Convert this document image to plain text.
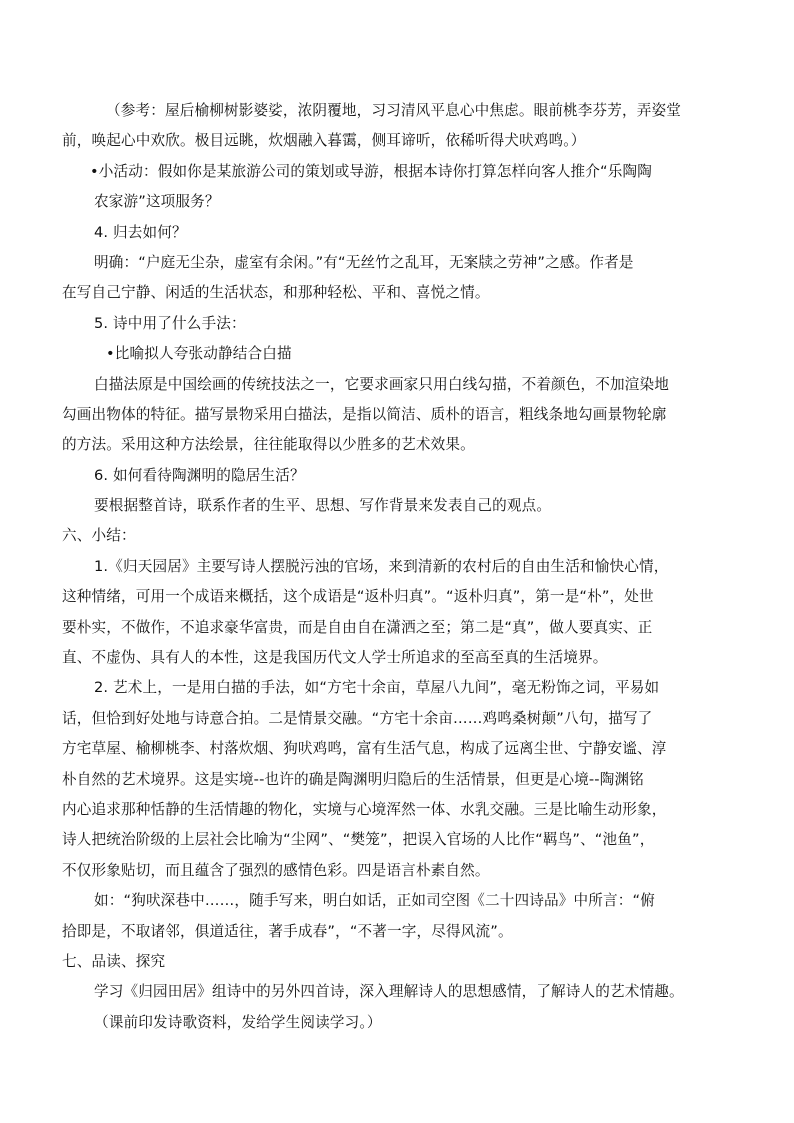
（参考：屋后榆柳树影婆娑，浓阴覆地，习习清风平息心中焦虑。眼前桃李芬芳，弄姿堂
前，唤起心中欢欣。极目远眺，炊烟融入暮霭，侧耳谛听，依稀听得犬吠鸡鸣。）
•小活动：假如你是某旅游公司的策划或导游，根据本诗你打算怎样向客人推介“乐陶陶
农家游”这项服务？
4. 归去如何？
明确：“户庭无尘杂，虚室有余闲。”有“无丝竹之乱耳，无案牍之劳神”之感。作者是
在写自己宁静、闲适的生活状态，和那种轻松、平和、喜悦之情。
5. 诗中用了什么手法：
•比喻拟人夸张动静结合白描
白描法原是中国绘画的传统技法之一，它要求画家只用白线勾描，不着颜色，不加渲染地
勾画出物体的特征。描写景物采用白描法，是指以简洁、质朴的语言，粗线条地勾画景物轮廓
的方法。采用这种方法绘景，往往能取得以少胜多的艺术效果。
6. 如何看待陶渊明的隐居生活？
要根据整首诗，联系作者的生平、思想、写作背景来发表自己的观点。
六、小结：
1.《归天园居》主要写诗人摆脱污浊的官场，来到清新的农村后的自由生活和愉快心情，
这种情绪，可用一个成语来概括，这个成语是“返朴归真”。“返朴归真”，第一是“朴”，处世
要朴实，不做作，不追求豪华富贵，而是自由自在潇洒之至；第二是“真”，做人要真实、正
直、不虚伪、具有人的本性，这是我国历代文人学士所追求的至高至真的生活境界。
2. 艺术上，一是用白描的手法，如“方宅十余亩，草屋八九间”，毫无粉饰之词，平易如
话，但恰到好处地与诗意合拍。二是情景交融。“方宅十余亩……鸡鸣桑树颠”八句，描写了
方宅草屋、榆柳桃李、村落炊烟、狗吠鸡鸣，富有生活气息，构成了远离尘世、宁静安谧、淳
朴自然的艺术境界。这是实境--也许的确是陶渊明归隐后的生活情景，但更是心境--陶渊铭
内心追求那种恬静的生活情趣的物化，实境与心境浑然一体、水乳交融。三是比喻生动形象，
诗人把统治阶级的上层社会比喻为“尘网”、“樊笼”，把误入官场的人比作“羁鸟”、“池鱼”，
不仅形象贴切，而且蕴含了强烈的感情色彩。四是语言朴素自然。
如：“狗吠深巷中……，随手写来，明白如话，正如司空图《二十四诗品》中所言：“俯
拾即是，不取诸邻，俱道适往，著手成春”，“不著一字，尽得风流”。
七、品读、探究
学习《归园田居》组诗中的另外四首诗，深入理解诗人的思想感情，了解诗人的艺术情趣。
（课前印发诗歌资料，发给学生阅读学习。）
